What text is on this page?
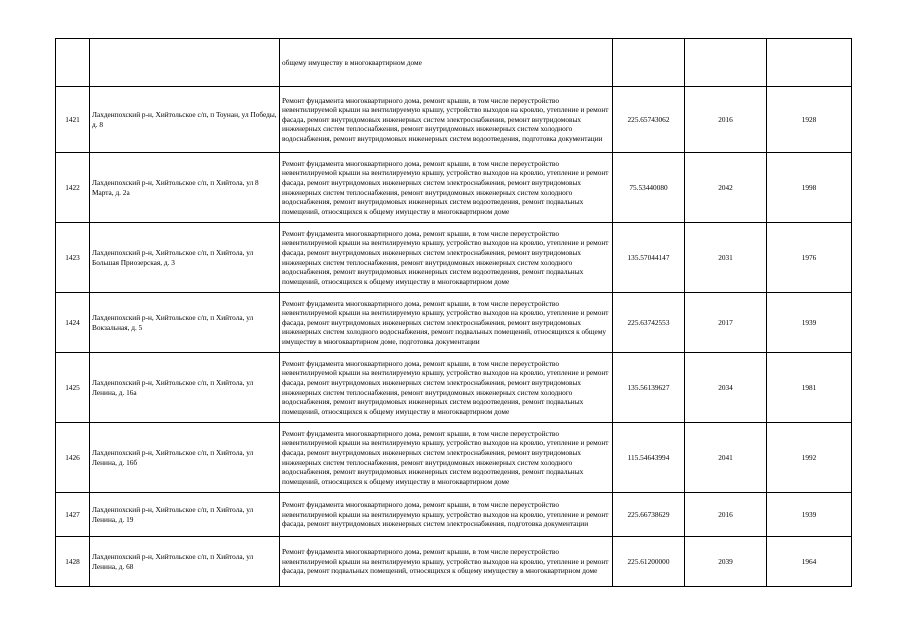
		общему имуществу в многоквартирном доме			
1421	Лахденпохский р-н, Хийтольское с/п, п Тоунан, ул Победы, д. 8	Ремонт фундамента многоквартирного дома, ремонт крыши, в том числе переустройство невентилируемой крыши на вентилируемую крышу, устройство выходов на кровлю, утепление и ремонт фасада, ремонт внутридомовых инженерных систем электроснабжения, ремонт внутридомовых инженерных систем теплоснабжения, ремонт внутридомовых инженерных систем холодного водоснабжения, ремонт внутридомовых инженерных систем водоотведения, подготовка документации	225.65743062	2016	1928
1422	Лахденпохский р-н, Хийтольское с/п, п Хийтола, ул 8 Марта, д. 2а	Ремонт фундамента многоквартирного дома, ремонт крыши, в том числе переустройство невентилируемой крыши на вентилируемую крышу, устройство выходов на кровлю, утепление и ремонт фасада, ремонт внутридомовых инженерных систем электроснабжения, ремонт внутридомовых инженерных систем теплоснабжения, ремонт внутридомовых инженерных систем холодного водоснабжения, ремонт внутридомовых инженерных систем водоотведения, ремонт подвальных помещений, относящихся к общему имуществу в многоквартирном доме	75.53440080	2042	1998
1423	Лахденпохский р-н, Хийтольское с/п, п Хийтола, ул Большая Приозерская, д. 3	Ремонт фундамента многоквартирного дома, ремонт крыши, в том числе переустройство невентилируемой крыши на вентилируемую крышу, устройство выходов на кровлю, утепление и ремонт фасада, ремонт внутридомовых инженерных систем электроснабжения, ремонт внутридомовых инженерных систем теплоснабжения, ремонт внутридомовых инженерных систем холодного водоснабжения, ремонт внутридомовых инженерных систем водоотведения, ремонт подвальных помещений, относящихся к общему имуществу в многоквартирном доме	135.57044147	2031	1976
1424	Лахденпохский р-н, Хийтольское с/п, п Хийтола, ул Вокзальная, д. 5	Ремонт фундамента многоквартирного дома, ремонт крыши, в том числе переустройство невентилируемой крыши на вентилируемую крышу, устройство выходов на кровлю, утепление и ремонт фасада, ремонт внутридомовых инженерных систем электроснабжения, ремонт внутридомовых инженерных систем холодного водоснабжения, ремонт подвальных помещений, относящихся к общему имуществу в многоквартирном доме, подготовка документации	225.63742553	2017	1939
1425	Лахденпохский р-н, Хийтольское с/п, п Хийтола, ул Ленина, д. 16а	Ремонт фундамента многоквартирного дома, ремонт крыши, в том числе переустройство невентилируемой крыши на вентилируемую крышу, устройство выходов на кровлю, утепление и ремонт фасада, ремонт внутридомовых инженерных систем электроснабжения, ремонт внутридомовых инженерных систем теплоснабжения, ремонт внутридомовых инженерных систем холодного водоснабжения, ремонт внутридомовых инженерных систем водоотведения, ремонт подвальных помещений, относящихся к общему имуществу в многоквартирном доме	135.56139627	2034	1981
1426	Лахденпохский р-н, Хийтольское с/п, п Хийтола, ул Ленина, д. 16б	Ремонт фундамента многоквартирного дома, ремонт крыши, в том числе переустройство невентилируемой крыши на вентилируемую крышу, устройство выходов на кровлю, утепление и ремонт фасада, ремонт внутридомовых инженерных систем электроснабжения, ремонт внутридомовых инженерных систем теплоснабжения, ремонт внутридомовых инженерных систем холодного водоснабжения, ремонт внутридомовых инженерных систем водоотведения, ремонт подвальных помещений, относящихся к общему имуществу в многоквартирном доме	115.54643994	2041	1992
1427	Лахденпохский р-н, Хийтольское с/п, п Хийтола, ул Ленина, д. 19	Ремонт фундамента многоквартирного дома, ремонт крыши, в том числе переустройство невентилируемой крыши на вентилируемую крышу, устройство выходов на кровлю, утепление и ремонт фасада, ремонт внутридомовых инженерных систем электроснабжения, подготовка документации	225.66738629	2016	1939
1428	Лахденпохский р-н, Хийтольское с/п, п Хийтола, ул Ленина, д. 68	Ремонт фундамента многоквартирного дома, ремонт крыши, в том числе переустройство невентилируемой крыши на вентилируемую крышу, устройство выходов на кровлю, утепление и ремонт фасада, ремонт подвальных помещений, относящихся к общему имуществу в многоквартирном доме	225.61200000	2039	1964
